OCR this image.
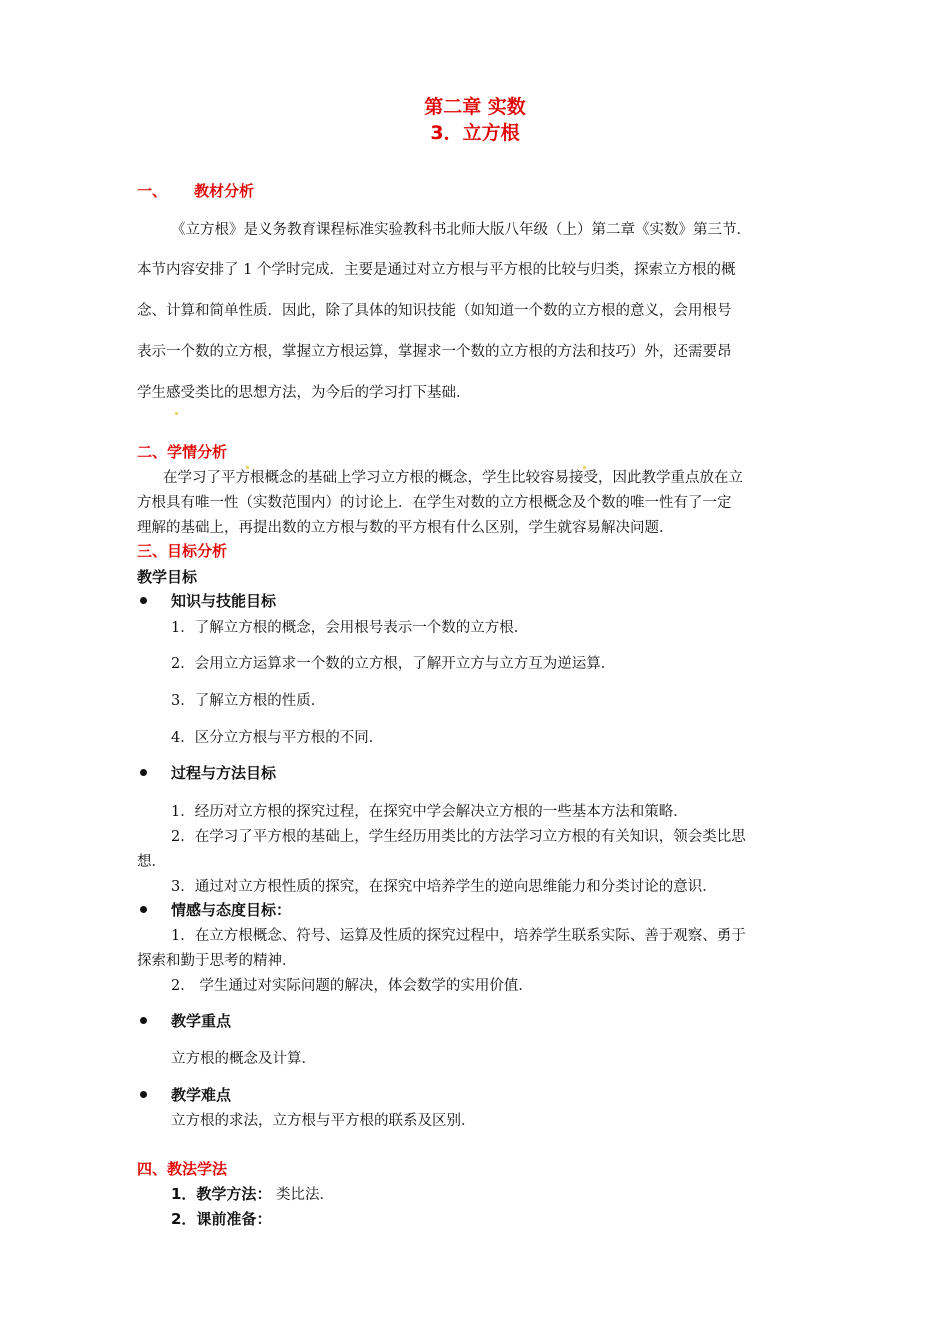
第二章 实数
3．立方根
一、 教材分析
《立方根》是义务教育课程标准实验教科书北师大版八年级（上）第二章《实数》第三节．
本节内容安排了 1 个学时完成．主要是通过对立方根与平方根的比较与归类，探索立方根的概
念、计算和简单性质．因此，除了具体的知识技能（如知道一个数的立方根的意义，会用根号
表示一个数的立方根，掌握立方根运算，掌握求一个数的立方根的方法和技巧）外，还需要昂
学生感受类比的思想方法，为今后的学习打下基础．
二、学情分析
在学习了平方根概念的基础上学习立方根的概念，学生比较容易接受，因此教学重点放在立
方根具有唯一性（实数范围内）的讨论上．在学生对数的立方根概念及个数的唯一性有了一定
理解的基础上，再提出数的立方根与数的平方根有什么区别，学生就容易解决问题．
三、目标分析
教学目标
知识与技能目标
1．了解立方根的概念，会用根号表示一个数的立方根．
2．会用立方运算求一个数的立方根，了解开立方与立方互为逆运算．
3．了解立方根的性质．
4．区分立方根与平方根的不同．
过程与方法目标
1．经历对立方根的探究过程，在探究中学会解决立方根的一些基本方法和策略．
2．在学习了平方根的基础上，学生经历用类比的方法学习立方根的有关知识，领会类比思
想．
3．通过对立方根性质的探究，在探究中培养学生的逆向思维能力和分类讨论的意识．
情感与态度目标：
1．在立方根概念、符号、运算及性质的探究过程中，培养学生联系实际、善于观察、勇于
探索和勤于思考的精神．
2． 学生通过对实际问题的解决，体会数学的实用价值．
教学重点
立方根的概念及计算．
教学难点
立方根的求法，立方根与平方根的联系及区别．
四、教法学法
1．教学方法： 类比法．
2．课前准备：
